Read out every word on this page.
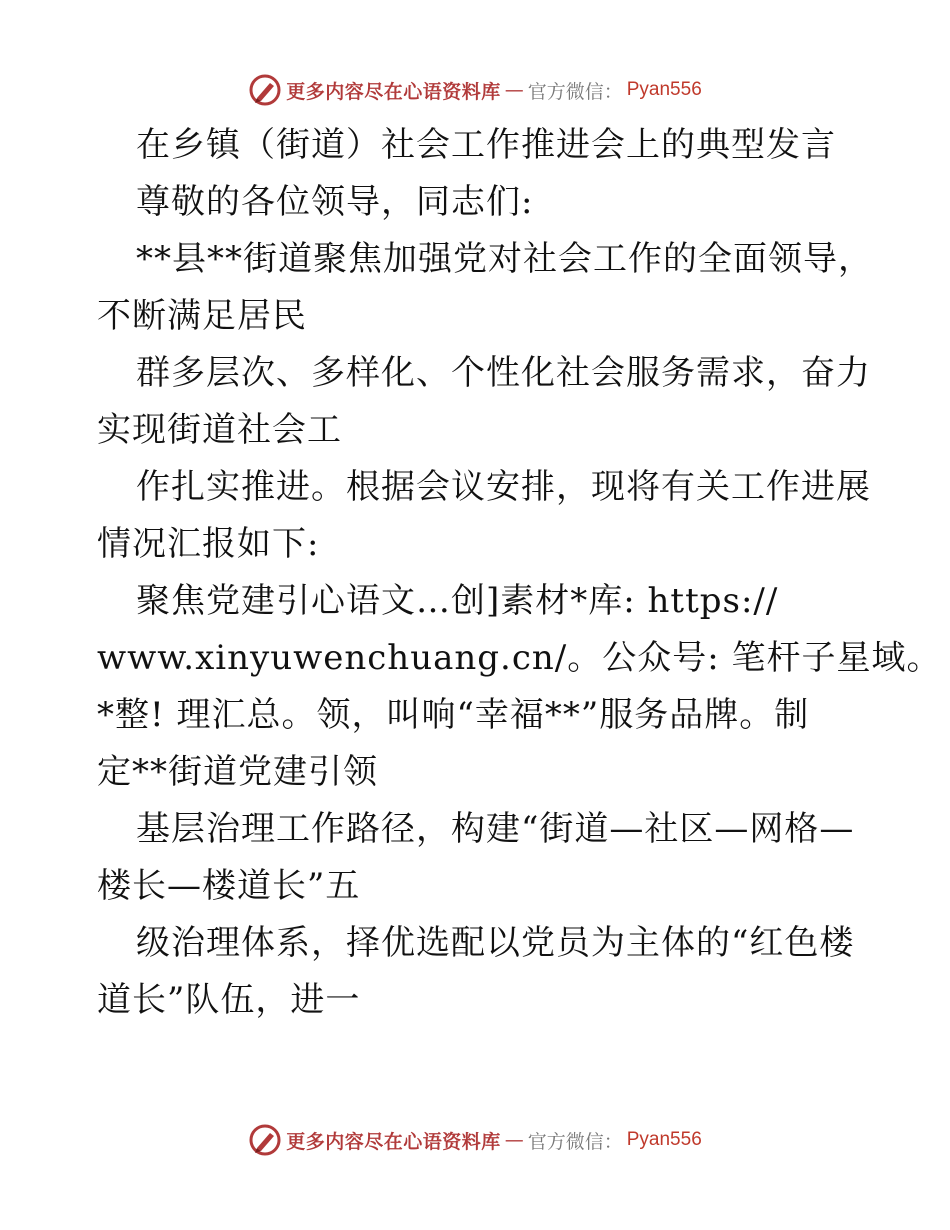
更多内容尽在心语资料库 — 官方微信： Pyan556
在乡镇（街道）社会工作推进会上的典型发言
尊敬的各位领导，同志们:
**县**街道聚焦加强党对社会工作的全面领导，
不断满足居民
群多层次、多样化、个性化社会服务需求，奋力
实现街道社会工
作扎实推进。根据会议安排，现将有关工作进展
情况汇报如下:
聚焦党建引心语文…创]素材*库: https://
www.xinyuwenchuang.cn/。公众号: 笔杆子星域。
*整! 理汇总。领，叫响“幸福**”服务品牌。制
定**街道党建引领
基层治理工作路径，构建“街道—社区—网格—
楼长—楼道长”五
级治理体系，择优选配以党员为主体的“红色楼
道长”队伍，进一
更多内容尽在心语资料库 — 官方微信： Pyan556
